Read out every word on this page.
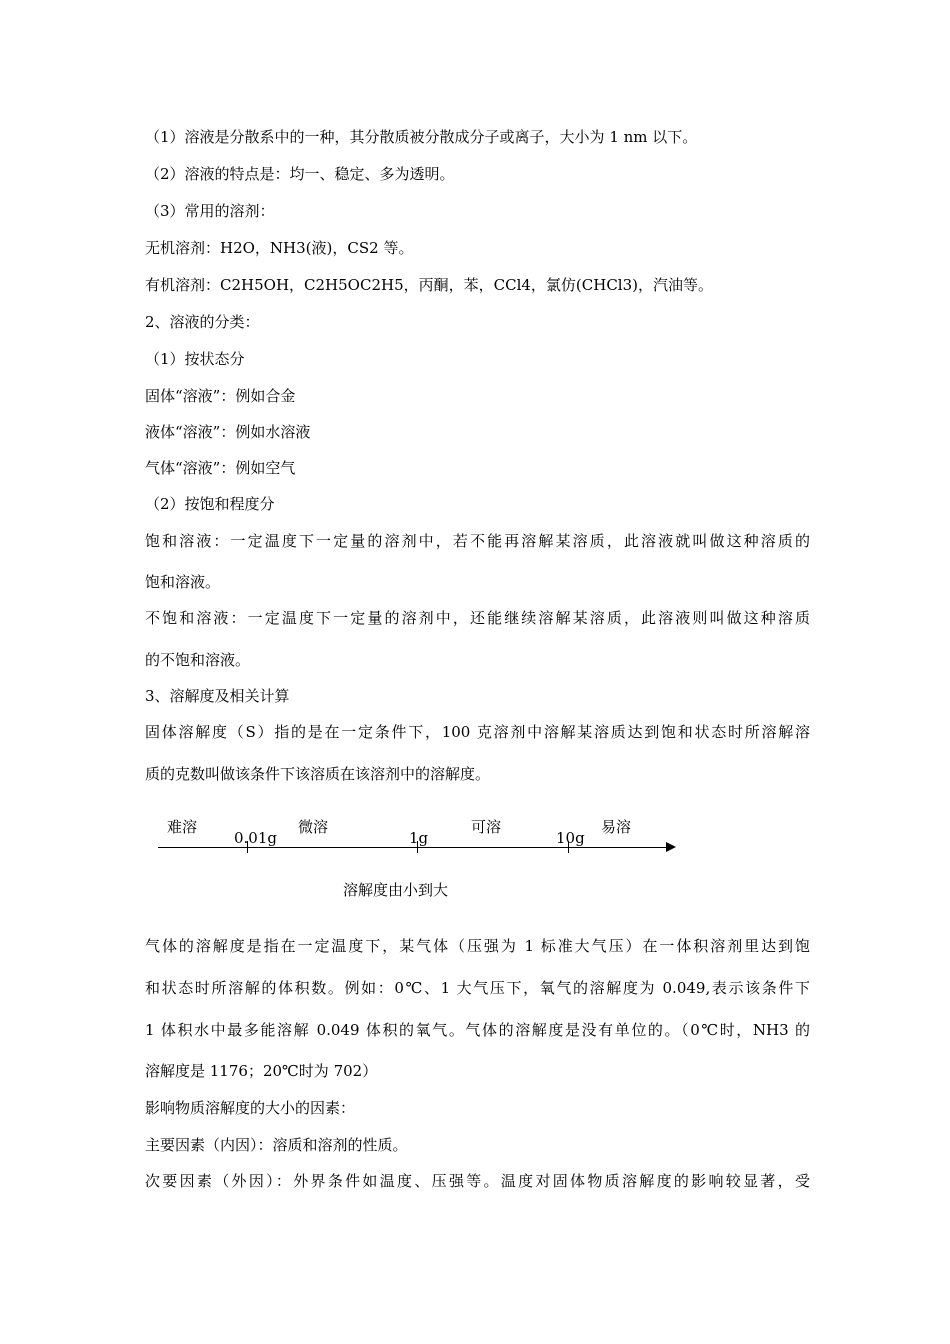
（1）溶液是分散系中的一种，其分散质被分散成分子或离子，大小为 1 nm 以下。
（2）溶液的特点是：均一、稳定、多为透明。
（3）常用的溶剂：
无机溶剂：H2O，NH3(液)，CS2 等。
有机溶剂：C2H5OH，C2H5OC2H5，丙酮，苯，CCl4，氯仿(CHCl3)，汽油等。
2、溶液的分类：
（1）按状态分
固体“溶液”：例如合金
液体“溶液”：例如水溶液
气体“溶液”：例如空气
（2）按饱和程度分
饱和溶液：一定温度下一定量的溶剂中，若不能再溶解某溶质，此溶液就叫做这种溶质的
饱和溶液。
不饱和溶液：一定温度下一定量的溶剂中，还能继续溶解某溶质，此溶液则叫做这种溶质
的不饱和溶液。
3、溶解度及相关计算
固体溶解度（S）指的是在一定条件下，100 克溶剂中溶解某溶质达到饱和状态时所溶解溶
质的克数叫做该条件下该溶质在该溶剂中的溶解度。
难溶	微溶	可溶	易溶
0.01g	1g	10g
溶解度由小到大
气体的溶解度是指在一定温度下，某气体（压强为 1 标准大气压）在一体积溶剂里达到饱
和状态时所溶解的体积数。例如：0℃、1 大气压下，氧气的溶解度为 0.049,表示该条件下
1 体积水中最多能溶解 0.049 体积的氧气。气体的溶解度是没有单位的。（0℃时，NH3 的
溶解度是 1176；20℃时为 702）
影响物质溶解度的大小的因素：
主要因素（内因）：溶质和溶剂的性质。
次要因素（外因）：外界条件如温度、压强等。温度对固体物质溶解度的影响较显著，受
